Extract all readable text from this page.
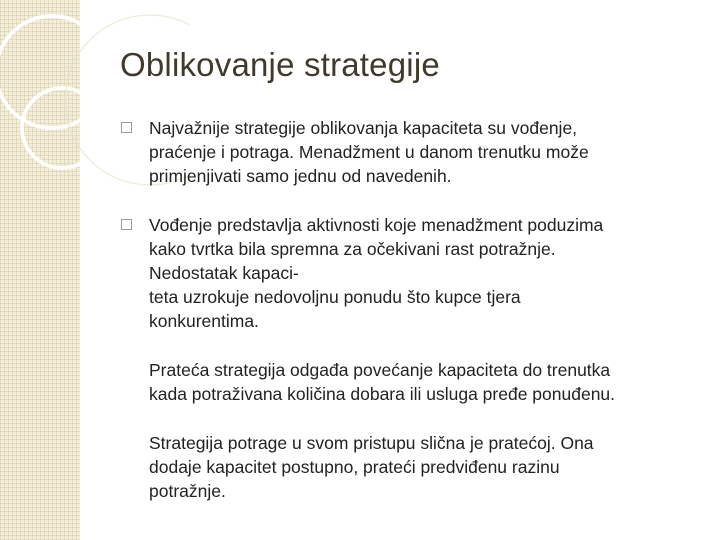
Oblikovanje strategije
Najvažnije strategije oblikovanja kapaciteta su vođenje,
praćenje i potraga. Menadžment u danom trenutku može
primjenjivati samo jednu od navedenih.
Vođenje predstavlja aktivnosti koje menadžment poduzima
kako tvrtka bila spremna za očekivani rast potražnje.
Nedostatak kapaci-
teta uzrokuje nedovoljnu ponudu što kupce tjera
konkurentima.
Prateća strategija odgađa povećanje kapaciteta do trenutka
kada potraživana količina dobara ili usluga pređe ponuđenu.
Strategija potrage u svom pristupu slična je pratećoj. Ona
dodaje kapacitet postupno, prateći predviđenu razinu
potražnje.
